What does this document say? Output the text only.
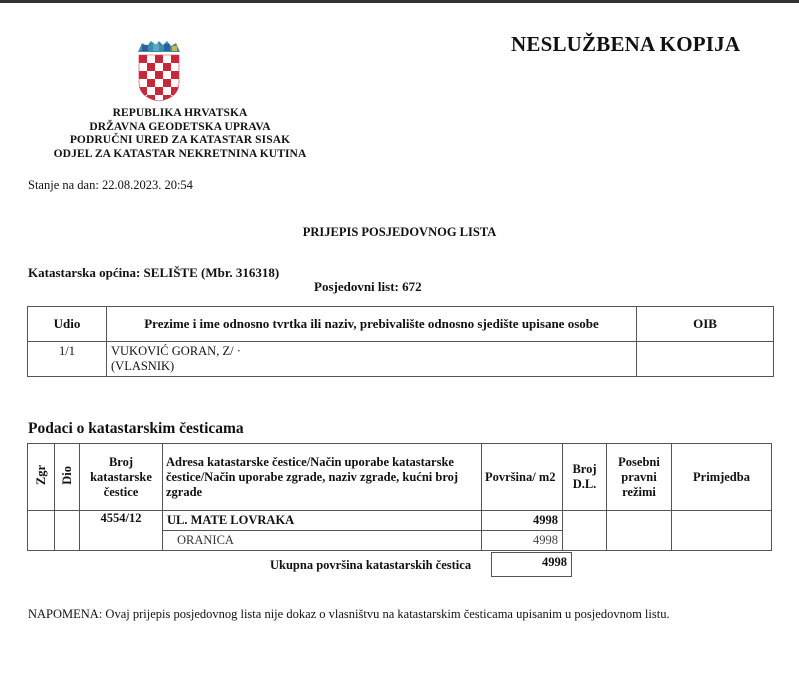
REPUBLIKA HRVATSKA
DRŽAVNA GEODETSKA UPRAVA
PODRUČNI URED ZA KATASTAR SISAK
ODJEL ZA KATASTAR NEKRETNINA KUTINA
NESLUŽBENA KOPIJA
Stanje na dan: 22.08.2023. 20:54
PRIJEPIS POSJEDOVNOG LISTA
Katastarska općina: SELIŠTE (Mbr. 316318)
Posjedovni list: 672
Udio	Prezime i ime odnosno tvrtka ili naziv, prebivalište odnosno sjedište upisane osobe	OIB
1/1	VUKOVIĆ GORAN, Z/ ·
(VLASNIK)	

Podaci o katastarskim česticama
Zgr	Dio	Broj katastarske čestice	Adresa katastarske čestice/Način uporabe katastarske čestice/Način uporabe zgrade, naziv zgrade, kućni broj zgrade	Površina/ m2	Broj D.L.	Posebni pravni režimi	Primjedba
		4554/12	UL. MATE LOVRAKA	4998			
			ORANICA	4998			
Ukupna površina katastarskih čestica	4998
NAPOMENA: Ovaj prijepis posjedovnog lista nije dokaz o vlasništvu na katastarskim česticama upisanim u posjedovnom listu.
